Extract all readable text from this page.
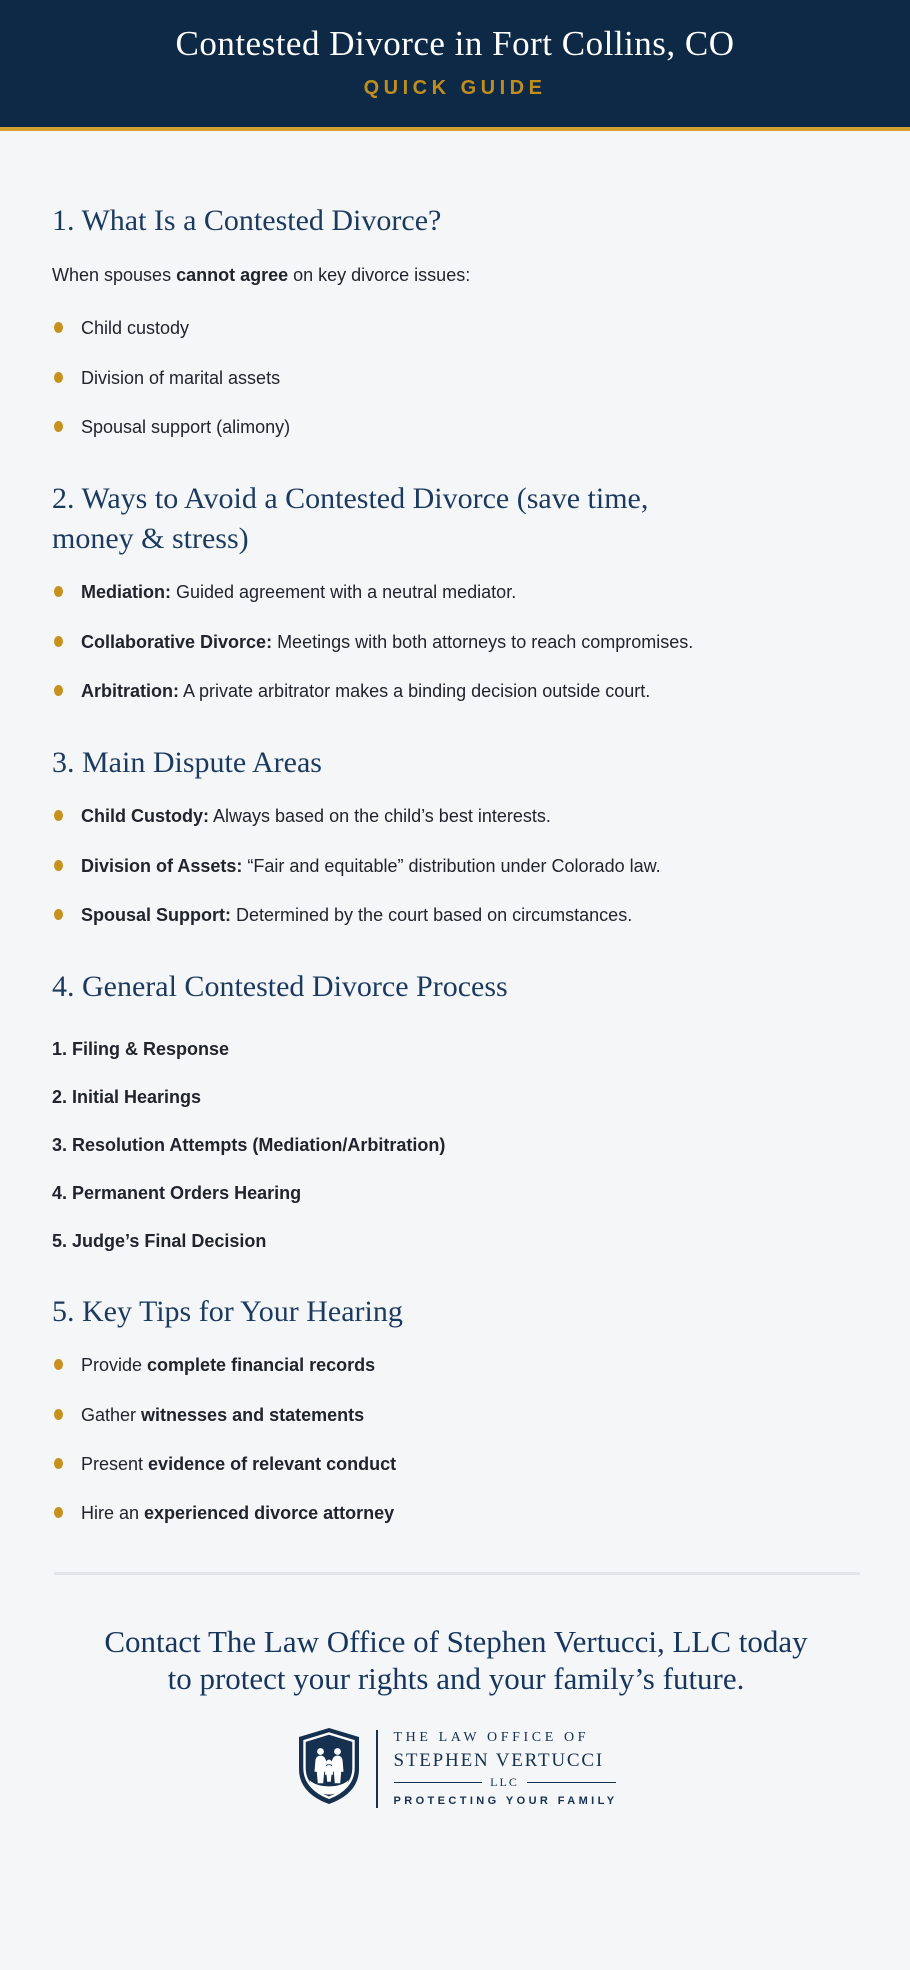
Contested Divorce in Fort Collins, CO
QUICK GUIDE
1. What Is a Contested Divorce?

When spouses cannot agree on key divorce issues:

Child custody

Division of marital assets

Spousal support (alimony)

2. Ways to Avoid a Contested Divorce (save time,
money & stress)

Mediation: Guided agreement with a neutral mediator.

Collaborative Divorce: Meetings with both attorneys to reach compromises.

Arbitration: A private arbitrator makes a binding decision outside court.

3. Main Dispute Areas

Child Custody: Always based on the child’s best interests.

Division of Assets: “Fair and equitable” distribution under Colorado law.

Spousal Support: Determined by the court based on circumstances.

4. General Contested Divorce Process

1. Filing & Response

2. Initial Hearings

3. Resolution Attempts (Mediation/Arbitration)

4. Permanent Orders Hearing

5. Judge’s Final Decision

5. Key Tips for Your Hearing

Provide complete financial records

Gather witnesses and statements

Present evidence of relevant conduct

Hire an experienced divorce attorney

Contact The Law Office of Stephen Vertucci, LLC today
to protect your rights and your family’s future.

THE LAW OFFICE OF
STEPHEN VERTUCCI
LLC
PROTECTING YOUR FAMILY
